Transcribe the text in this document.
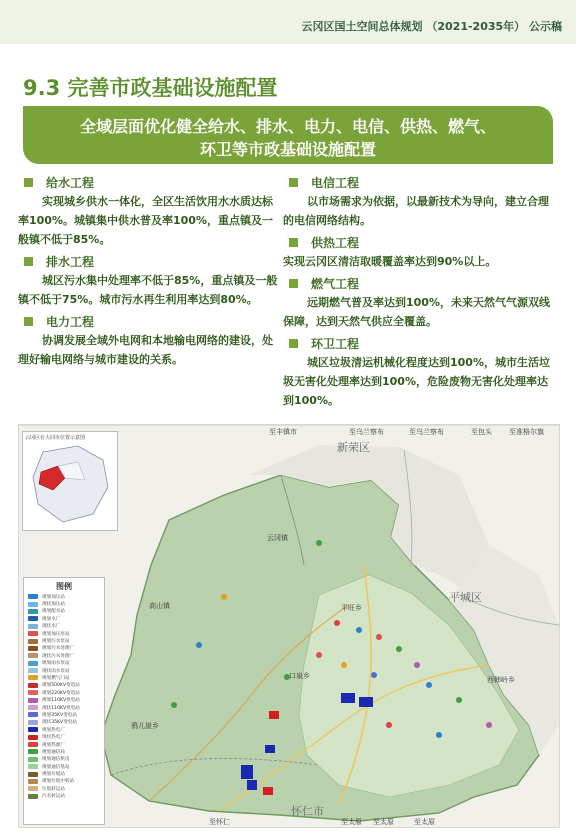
云冈区国土空间总体规划 （2021-2035年） 公示稿
9.3 完善市政基础设施配置
全域层面优化健全给水、排水、电力、电信、供热、燃气、
环卫等市政基础设施配置
给水工程

实现城乡供水一体化，全区生活饮用水水质达标率100%。城镇集中供水普及率100%，重点镇及一般镇不低于85%。

排水工程

城区污水集中处理率不低于85%，重点镇及一般镇不低于75%。城市污水再生利用率达到80%。

电力工程

协调发展全域外电网和本地输电网络的建设，处理好输电网络与城市建设的关系。

电信工程

以市场需求为依据，以最新技术为导向，建立合理的电信网络结构。

供热工程

实现云冈区清洁取暖覆盖率达到90%以上。

燃气工程

远期燃气普及率达到100%，未来天然气气源双线保障，达到天然气供应全覆盖。

环卫工程

城区垃圾清运机械化程度达到100%，城市生活垃圾无害化处理率达到100%，危险废物无害化处理率达到100%。

云冈区在大同市位置示意图
图例
规划加压站
现状加压站
规划配水站
规划水厂
现状水厂
规划加压泵站
规划污水泵站
规划污水处理厂
现状污水处理厂
规划雨水泵站
现状雨水泵站
规划燃气门站
规划500KV变电站
规划220KV变电站
规划110KV变电站
现状110KV变电站
规划35KV变电站
现状35KV变电站
规划热电厂
现状热电厂
规划热源厂
规划通信局
规划通信机房
规划通信基站
规划垃圾站
规划垃圾中转站
垃圾转运站
污水转运站
至丰镇市	至乌兰察布	至乌兰察布	至包头 至准格尔旗
新荣区
云冈镇
高山镇	平旺乡
平城区
口泉乡	西韩岭乡
鸦儿崖乡
怀仁市
至怀仁	至太原 至太原	至太原
